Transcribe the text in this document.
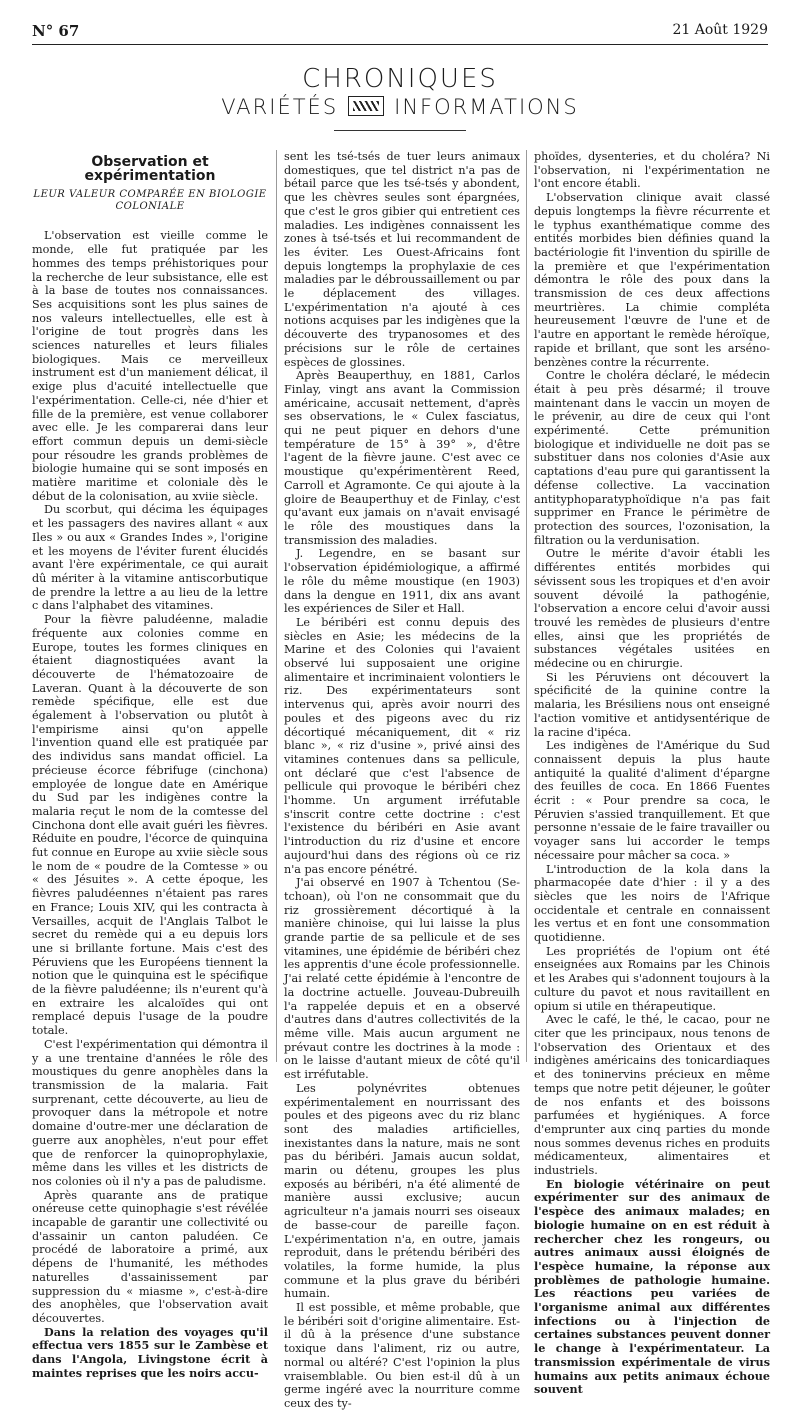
N° 67	21 Août 1929
CHRONIQUES
VARIÉTÉS	INFORMATIONS
Observation et expérimentation
LEUR VALEUR COMPARÉE EN BIOLOGIE COLONIALE

L'observation est vieille comme le monde, elle fut pratiquée par les hommes des temps préhistoriques pour la recherche de leur subsistance, elle est à la base de toutes nos connaissances. Ses acquisitions sont les plus saines de nos valeurs intellectuelles, elle est à l'origine de tout progrès dans les sciences naturelles et leurs filiales biologiques. Mais ce merveilleux instrument est d'un maniement délicat, il exige plus d'acuité intellectuelle que l'expérimentation. Celle-ci, née d'hier et fille de la première, est venue collaborer avec elle. Je les comparerai dans leur effort commun depuis un demi-siècle pour résoudre les grands problèmes de biologie humaine qui se sont imposés en matière maritime et coloniale dès le début de la colonisation, au xviie siècle.

Du scorbut, qui décima les équipages et les passagers des navires allant « aux Iles » ou aux « Grandes Indes », l'origine et les moyens de l'éviter furent élucidés avant l'ère expérimentale, ce qui aurait dû mériter à la vitamine antiscorbutique de prendre la lettre a au lieu de la lettre c dans l'alphabet des vitamines.

Pour la fièvre paludéenne, maladie fréquente aux colonies comme en Europe, toutes les formes cliniques en étaient diagnostiquées avant la découverte de l'hématozoaire de Laveran. Quant à la découverte de son remède spécifique, elle est due également à l'observation ou plutôt à l'empirisme ainsi qu'on appelle l'invention quand elle est pratiquée par des individus sans mandat officiel. La précieuse écorce fébrifuge (cinchona) employée de longue date en Amérique du Sud par les indigènes contre la malaria reçut le nom de la comtesse del Cinchona dont elle avait guéri les fièvres. Réduite en poudre, l'écorce de quinquina fut connue en Europe au xviie siècle sous le nom de « poudre de la Comtesse » ou « des Jésuites ». A cette époque, les fièvres paludéennes n'étaient pas rares en France; Louis XIV, qui les contracta à Versailles, acquit de l'Anglais Talbot le secret du remède qui a eu depuis lors une si brillante fortune. Mais c'est des Péruviens que les Européens tiennent la notion que le quinquina est le spécifique de la fièvre paludéenne; ils n'eurent qu'à en extraire les alcaloïdes qui ont remplacé depuis l'usage de la poudre totale.

C'est l'expérimentation qui démontra il y a une trentaine d'années le rôle des moustiques du genre anophèles dans la transmission de la malaria. Fait surprenant, cette découverte, au lieu de provoquer dans la métropole et notre domaine d'outre-mer une déclaration de guerre aux anophèles, n'eut pour effet que de renforcer la quinoprophylaxie, même dans les villes et les districts de nos colonies où il n'y a pas de paludisme.

Après quarante ans de pratique onéreuse cette quinophagie s'est révélée incapable de garantir une collectivité ou d'assainir un canton paludéen. Ce procédé de laboratoire a primé, aux dépens de l'humanité, les méthodes naturelles d'assainissement par suppression du « miasme », c'est-à-dire des anophèles, que l'observation avait découvertes.

Dans la relation des voyages qu'il effectua vers 1855 sur le Zambèse et dans l'Angola, Livingstone écrit à maintes reprises que les noirs accu-

sent les tsé-tsés de tuer leurs animaux domestiques, que tel district n'a pas de bétail parce que les tsé-tsés y abondent, que les chèvres seules sont épargnées, que c'est le gros gibier qui entretient ces maladies. Les indigènes connaissent les zones à tsé-tsés et lui recommandent de les éviter. Les Ouest-Africains font depuis longtemps la prophylaxie de ces maladies par le débroussaillement ou par le déplacement des villages. L'expérimentation n'a ajouté à ces notions acquises par les indigènes que la découverte des trypanosomes et des précisions sur le rôle de certaines espèces de glossines.

Après Beauperthuy, en 1881, Carlos Finlay, vingt ans avant la Commission américaine, accusait nettement, d'après ses observations, le « Culex fasciatus, qui ne peut piquer en dehors d'une température de 15° à 39° », d'être l'agent de la fièvre jaune. C'est avec ce moustique qu'expérimentèrent Reed, Carroll et Agramonte. Ce qui ajoute à la gloire de Beauperthuy et de Finlay, c'est qu'avant eux jamais on n'avait envisagé le rôle des moustiques dans la transmission des maladies.

J. Legendre, en se basant sur l'observation épidémiologique, a affirmé le rôle du même moustique (en 1903) dans la dengue en 1911, dix ans avant les expériences de Siler et Hall.

Le béribéri est connu depuis des siècles en Asie; les médecins de la Marine et des Colonies qui l'avaient observé lui supposaient une origine alimentaire et incriminaient volontiers le riz. Des expérimentateurs sont intervenus qui, après avoir nourri des poules et des pigeons avec du riz décortiqué mécaniquement, dit « riz blanc », « riz d'usine », privé ainsi des vitamines contenues dans sa pellicule, ont déclaré que c'est l'absence de pellicule qui provoque le béribéri chez l'homme. Un argument irréfutable s'inscrit contre cette doctrine : c'est l'existence du béribéri en Asie avant l'introduction du riz d'usine et encore aujourd'hui dans des régions où ce riz n'a pas encore pénétré.

J'ai observé en 1907 à Tchentou (Se-tchoan), où l'on ne consommait que du riz grossièrement décortiqué à la manière chinoise, qui lui laisse la plus grande partie de sa pellicule et de ses vitamines, une épidémie de béribéri chez les apprentis d'une école professionnelle. J'ai relaté cette épidémie à l'encontre de la doctrine actuelle. Jouveau-Dubreuilh l'a rappelée depuis et en a observé d'autres dans d'autres collectivités de la même ville. Mais aucun argument ne prévaut contre les doctrines à la mode : on le laisse d'autant mieux de côté qu'il est irréfutable.

Les polynévrites obtenues expérimentalement en nourrissant des poules et des pigeons avec du riz blanc sont des maladies artificielles, inexistantes dans la nature, mais ne sont pas du béribéri. Jamais aucun soldat, marin ou détenu, groupes les plus exposés au béribéri, n'a été alimenté de manière aussi exclusive; aucun agriculteur n'a jamais nourri ses oiseaux de basse-cour de pareille façon. L'expérimentation n'a, en outre, jamais reproduit, dans le prétendu béribéri des volatiles, la forme humide, la plus commune et la plus grave du béribéri humain.

Il est possible, et même probable, que le béribéri soit d'origine alimentaire. Est-il dû à la présence d'une substance toxique dans l'aliment, riz ou autre, normal ou altéré? C'est l'opinion la plus vraisemblable. Ou bien est-il dû à un germe ingéré avec la nourriture comme ceux des ty-

phoïdes, dysenteries, et du choléra? Ni l'observation, ni l'expérimentation ne l'ont encore établi.

L'observation clinique avait classé depuis longtemps la fièvre récurrente et le typhus exanthématique comme des entités morbides bien définies quand la bactériologie fit l'invention du spirille de la première et que l'expérimentation démontra le rôle des poux dans la transmission de ces deux affections meurtrières. La chimie compléta heureusement l'œuvre de l'une et de l'autre en apportant le remède héroïque, rapide et brillant, que sont les arséno-benzènes contre la récurrente.

Contre le choléra déclaré, le médecin était à peu près désarmé; il trouve maintenant dans le vaccin un moyen de le prévenir, au dire de ceux qui l'ont expérimenté. Cette prémunition biologique et individuelle ne doit pas se substituer dans nos colonies d'Asie aux captations d'eau pure qui garantissent la défense collective. La vaccination antityphoparatyphoïdique n'a pas fait supprimer en France le périmètre de protection des sources, l'ozonisation, la filtration ou la verdunisation.

Outre le mérite d'avoir établi les différentes entités morbides qui sévissent sous les tropiques et d'en avoir souvent dévoilé la pathogénie, l'observation a encore celui d'avoir aussi trouvé les remèdes de plusieurs d'entre elles, ainsi que les propriétés de substances végétales usitées en médecine ou en chirurgie.

Si les Péruviens ont découvert la spécificité de la quinine contre la malaria, les Brésiliens nous ont enseigné l'action vomitive et antidysentérique de la racine d'ipéca.

Les indigènes de l'Amérique du Sud connaissent depuis la plus haute antiquité la qualité d'aliment d'épargne des feuilles de coca. En 1866 Fuentes écrit : « Pour prendre sa coca, le Péruvien s'assied tranquillement. Et que personne n'essaie de le faire travailler ou voyager sans lui accorder le temps nécessaire pour mâcher sa coca. »

L'introduction de la kola dans la pharmacopée date d'hier : il y a des siècles que les noirs de l'Afrique occidentale et centrale en connaissent les vertus et en font une consommation quotidienne.

Les propriétés de l'opium ont été enseignées aux Romains par les Chinois et les Arabes qui s'adonnent toujours à la culture du pavot et nous ravitaillent en opium si utile en thérapeutique.

Avec le café, le thé, le cacao, pour ne citer que les principaux, nous tenons de l'observation des Orientaux et des indigènes américains des tonicardiaques et des toninervins précieux en même temps que notre petit déjeuner, le goûter de nos enfants et des boissons parfumées et hygiéniques. A force d'emprunter aux cinq parties du monde nous sommes devenus riches en produits médicamenteux, alimentaires et industriels.

En biologie vétérinaire on peut expérimenter sur des animaux de l'espèce des animaux malades; en biologie humaine on en est réduit à rechercher chez les rongeurs, ou autres animaux aussi éloignés de l'espèce humaine, la réponse aux problèmes de pathologie humaine. Les réactions peu variées de l'organisme animal aux différentes infections ou à l'injection de certaines substances peuvent donner le change à l'expérimentateur. La transmission expérimentale de virus humains aux petits animaux échoue souvent
